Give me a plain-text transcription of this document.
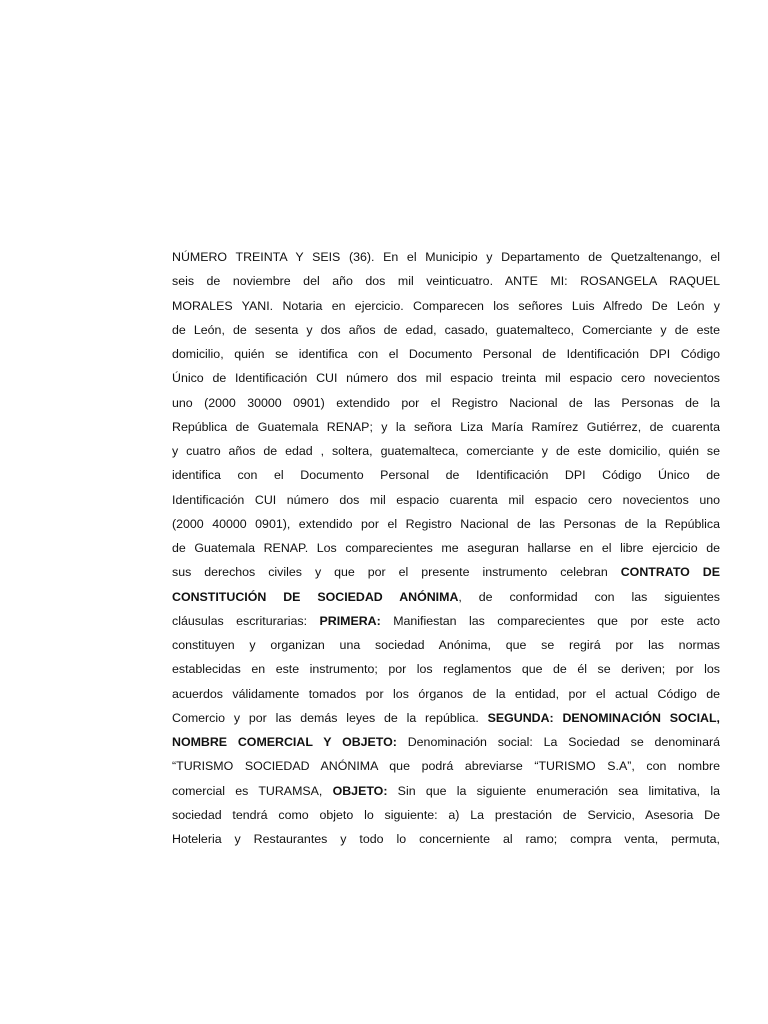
NÚMERO TREINTA Y SEIS (36). En el Municipio y Departamento de Quetzaltenango, el
seis de noviembre del año dos mil veinticuatro. ANTE MI: ROSANGELA RAQUEL
MORALES YANI. Notaria en ejercicio. Comparecen los señores Luis Alfredo De León y
de León, de sesenta y dos años de edad, casado, guatemalteco, Comerciante y de este
domicilio, quién se identifica con el Documento Personal de Identificación DPI Código
Único de Identificación CUI número dos mil espacio treinta mil espacio cero novecientos
uno (2000 30000 0901) extendido por el Registro Nacional de las Personas de la
República de Guatemala RENAP; y la señora Liza María Ramírez Gutiérrez, de cuarenta
y cuatro años de edad , soltera, guatemalteca, comerciante y de este domicilio, quién se
identifica con el Documento Personal de Identificación DPI Código Único de
Identificación CUI número dos mil espacio cuarenta mil espacio cero novecientos uno
(2000 40000 0901), extendido por el Registro Nacional de las Personas de la República
de Guatemala RENAP. Los comparecientes me aseguran hallarse en el libre ejercicio de
sus derechos civiles y que por el presente instrumento celebran CONTRATO DE
CONSTITUCIÓN DE SOCIEDAD ANÓNIMA, de conformidad con las siguientes
cláusulas escriturarias: PRIMERA: Manifiestan las comparecientes que por este acto
constituyen y organizan una sociedad Anónima, que se regirá por las normas
establecidas en este instrumento; por los reglamentos que de él se deriven; por los
acuerdos válidamente tomados por los órganos de la entidad, por el actual Código de
Comercio y por las demás leyes de la república. SEGUNDA: DENOMINACIÓN SOCIAL,
NOMBRE COMERCIAL Y OBJETO: Denominación social: La Sociedad se denominará
“TURISMO SOCIEDAD ANÓNIMA que podrá abreviarse “TURISMO S.A”, con nombre
comercial es TURAMSA, OBJETO: Sin que la siguiente enumeración sea limitativa, la
sociedad tendrá como objeto lo siguiente: a) La prestación de Servicio, Asesoria De
Hoteleria y Restaurantes y todo lo concerniente al ramo; compra venta, permuta,
